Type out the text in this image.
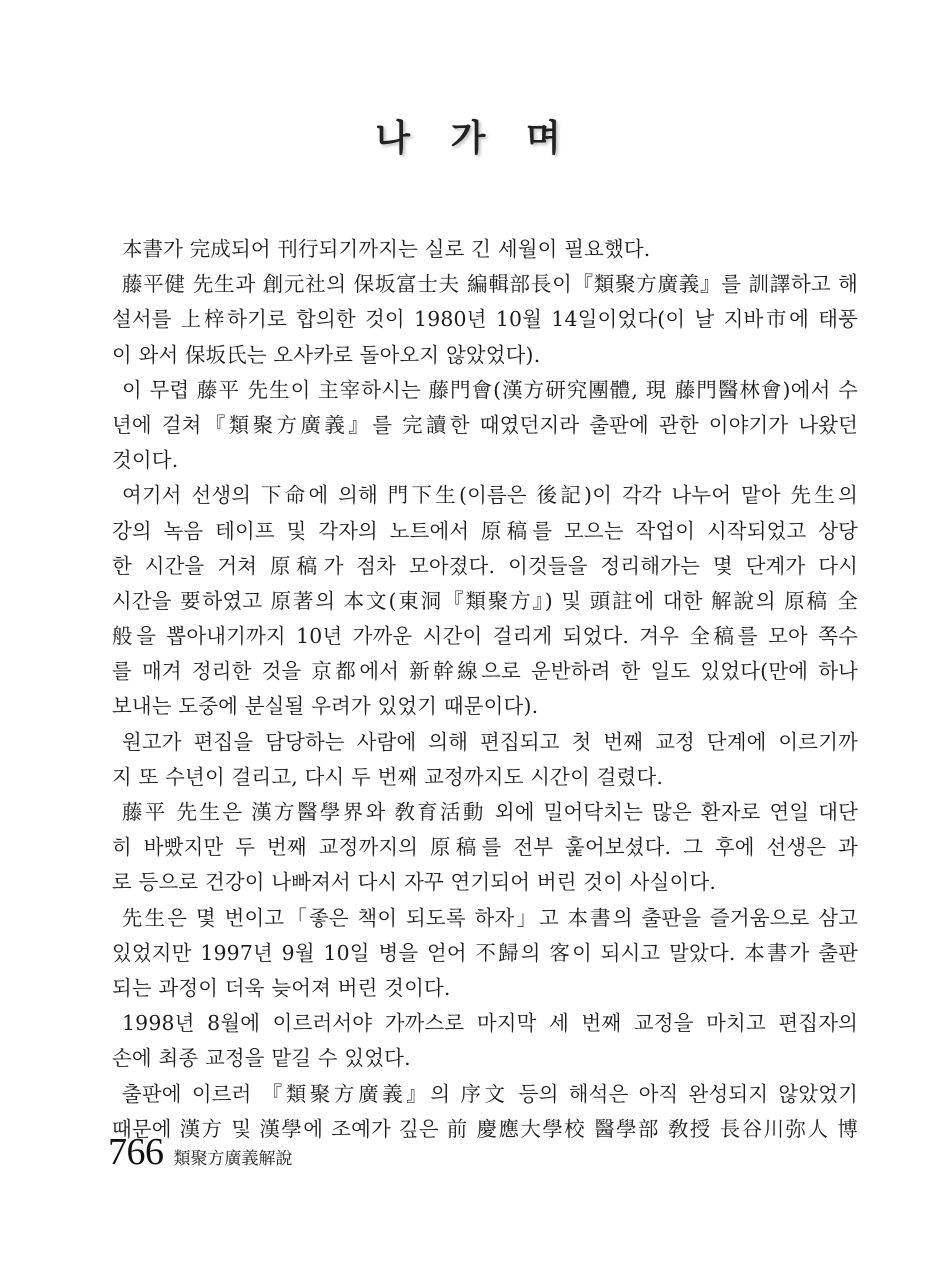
나 가 며
本書가 完成되어 刊行되기까지는 실로 긴 세월이 필요했다.
藤平健 先生과 創元社의 保坂富士夫 編輯部長이『類聚方廣義』를 訓譯하고 해
설서를 上梓하기로 합의한 것이 1980년 10월 14일이었다(이 날 지바市에 태풍
이 와서 保坂氏는 오사카로 돌아오지 않았었다).
이 무렵 藤平 先生이 主宰하시는 藤門會(漢方研究團體, 現 藤門醫林會)에서 수
년에 걸쳐『類聚方廣義』를 完讀한 때였던지라 출판에 관한 이야기가 나왔던
것이다.
여기서 선생의 下命에 의해 門下生(이름은 後記)이 각각 나누어 맡아 先生의
강의 녹음 테이프 및 각자의 노트에서 原稿를 모으는 작업이 시작되었고 상당
한 시간을 거쳐 原稿가 점차 모아졌다. 이것들을 정리해가는 몇 단계가 다시
시간을 要하였고 原著의 本文(東洞『類聚方』) 및 頭註에 대한 解說의 原稿 全
般을 뽑아내기까지 10년 가까운 시간이 걸리게 되었다. 겨우 全稿를 모아 쪽수
를 매겨 정리한 것을 京都에서 新幹線으로 운반하려 한 일도 있었다(만에 하나
보내는 도중에 분실될 우려가 있었기 때문이다).
원고가 편집을 담당하는 사람에 의해 편집되고 첫 번째 교정 단계에 이르기까
지 또 수년이 걸리고, 다시 두 번째 교정까지도 시간이 걸렸다.
藤平 先生은 漢方醫學界와 敎育活動 외에 밀어닥치는 많은 환자로 연일 대단
히 바빴지만 두 번째 교정까지의 原稿를 전부 훑어보셨다. 그 후에 선생은 과
로 등으로 건강이 나빠져서 다시 자꾸 연기되어 버린 것이 사실이다.
先生은 몇 번이고「좋은 책이 되도록 하자」고 本書의 출판을 즐거움으로 삼고
있었지만 1997년 9월 10일 병을 얻어 不歸의 客이 되시고 말았다. 本書가 출판
되는 과정이 더욱 늦어져 버린 것이다.
1998년 8월에 이르러서야 가까스로 마지막 세 번째 교정을 마치고 편집자의
손에 최종 교정을 맡길 수 있었다.
출판에 이르러 『類聚方廣義』의 序文 등의 해석은 아직 완성되지 않았었기
때문에 漢方 및 漢學에 조예가 깊은 前 慶應大學校 醫學部 敎授 長谷川弥人 博
766 類聚方廣義解說
